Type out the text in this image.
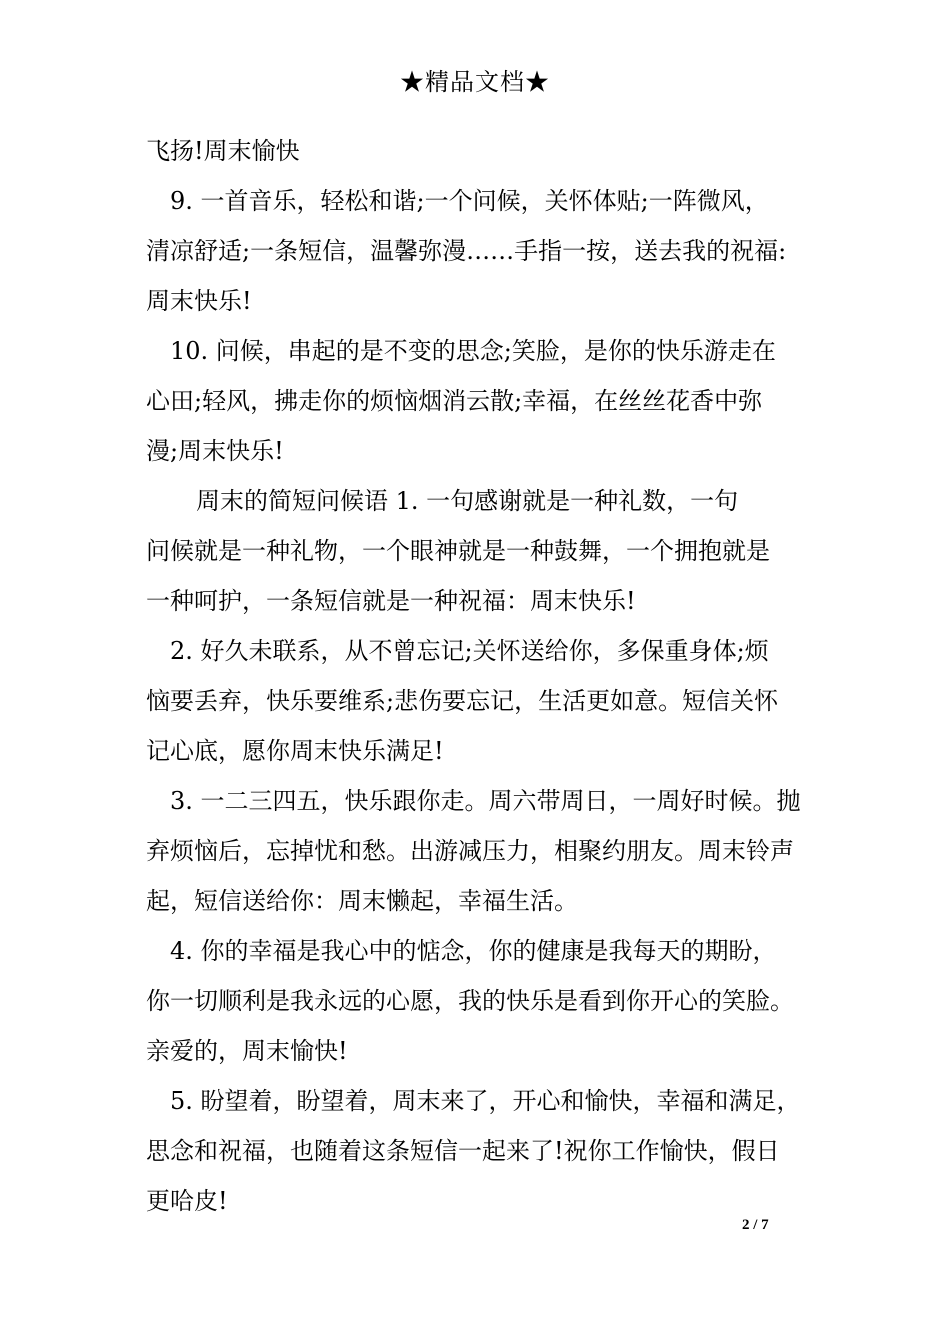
★精品文档★
飞扬!周末愉快
9. 一首音乐，轻松和谐;一个问候，关怀体贴;一阵微风，
清凉舒适;一条短信，温馨弥漫……手指一按，送去我的祝福:
周末快乐!
10. 问候，串起的是不变的思念;笑脸，是你的快乐游走在
心田;轻风，拂走你的烦恼烟消云散;幸福，在丝丝花香中弥
漫;周末快乐!
周末的简短问候语 1. 一句感谢就是一种礼数，一句
问候就是一种礼物，一个眼神就是一种鼓舞，一个拥抱就是
一种呵护，一条短信就是一种祝福：周末快乐!
2. 好久未联系，从不曾忘记;关怀送给你，多保重身体;烦
恼要丢弃，快乐要维系;悲伤要忘记，生活更如意。短信关怀
记心底，愿你周末快乐满足!
3. 一二三四五，快乐跟你走。周六带周日，一周好时候。抛
弃烦恼后，忘掉忧和愁。出游减压力，相聚约朋友。周末铃声
起，短信送给你：周末懒起，幸福生活。
4. 你的幸福是我心中的惦念，你的健康是我每天的期盼，
你一切顺利是我永远的心愿，我的快乐是看到你开心的笑脸。
亲爱的，周末愉快!
5. 盼望着，盼望着，周末来了，开心和愉快，幸福和满足，
思念和祝福，也随着这条短信一起来了!祝你工作愉快，假日
更哈皮!
2 / 7
